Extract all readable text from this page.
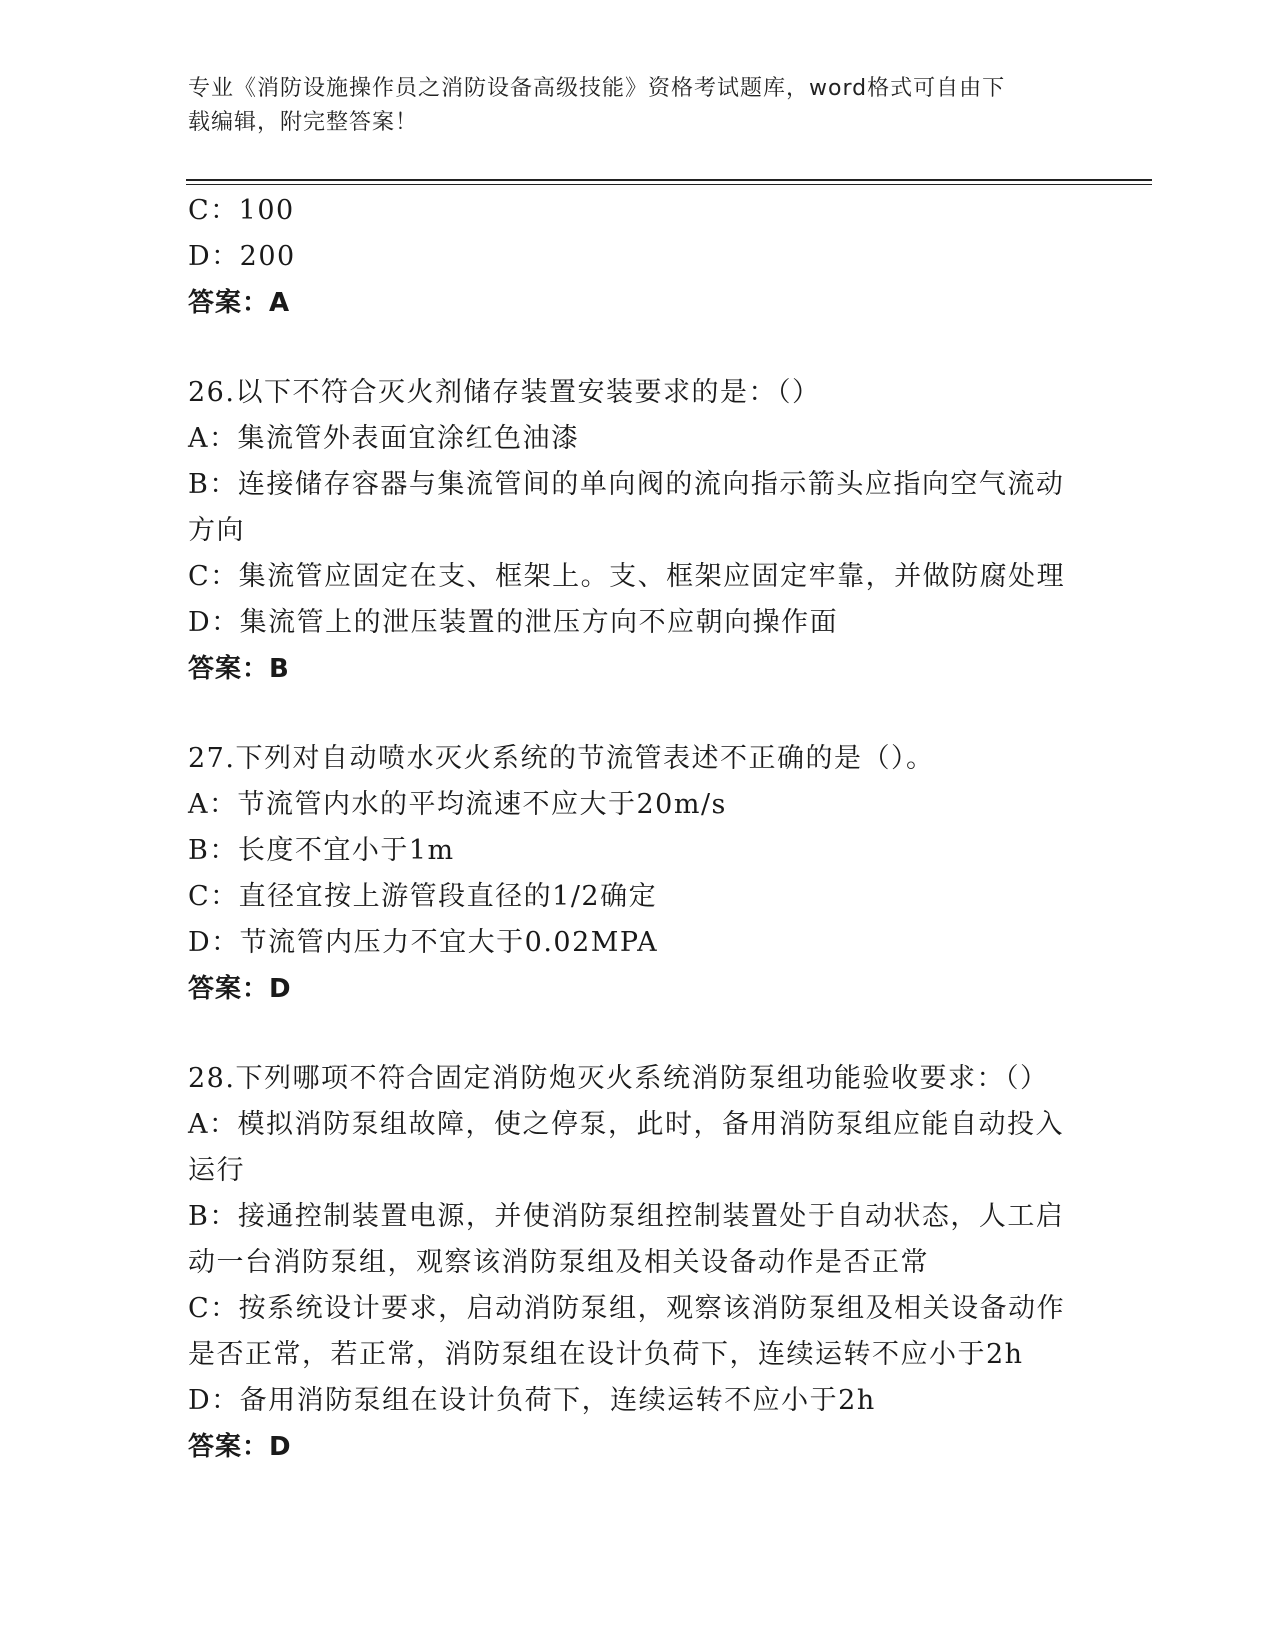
专业《消防设施操作员之消防设备高级技能》资格考试题库，word格式可自由下
载编辑，附完整答案！
C：100
D：200
答案：A
26.以下不符合灭火剂储存装置安装要求的是：（）
A：集流管外表面宜涂红色油漆
B：连接储存容器与集流管间的单向阀的流向指示箭头应指向空气流动
方向
C：集流管应固定在支、框架上。支、框架应固定牢靠，并做防腐处理
D：集流管上的泄压装置的泄压方向不应朝向操作面
答案：B
27.下列对自动喷水灭火系统的节流管表述不正确的是（）。
A：节流管内水的平均流速不应大于20m/s
B：长度不宜小于1m
C：直径宜按上游管段直径的1/2确定
D：节流管内压力不宜大于0.02MPA
答案：D
28.下列哪项不符合固定消防炮灭火系统消防泵组功能验收要求：（）
A：模拟消防泵组故障，使之停泵，此时，备用消防泵组应能自动投入
运行
B：接通控制装置电源，并使消防泵组控制装置处于自动状态，人工启
动一台消防泵组，观察该消防泵组及相关设备动作是否正常
C：按系统设计要求，启动消防泵组，观察该消防泵组及相关设备动作
是否正常，若正常，消防泵组在设计负荷下，连续运转不应小于2h
D：备用消防泵组在设计负荷下，连续运转不应小于2h
答案：D
